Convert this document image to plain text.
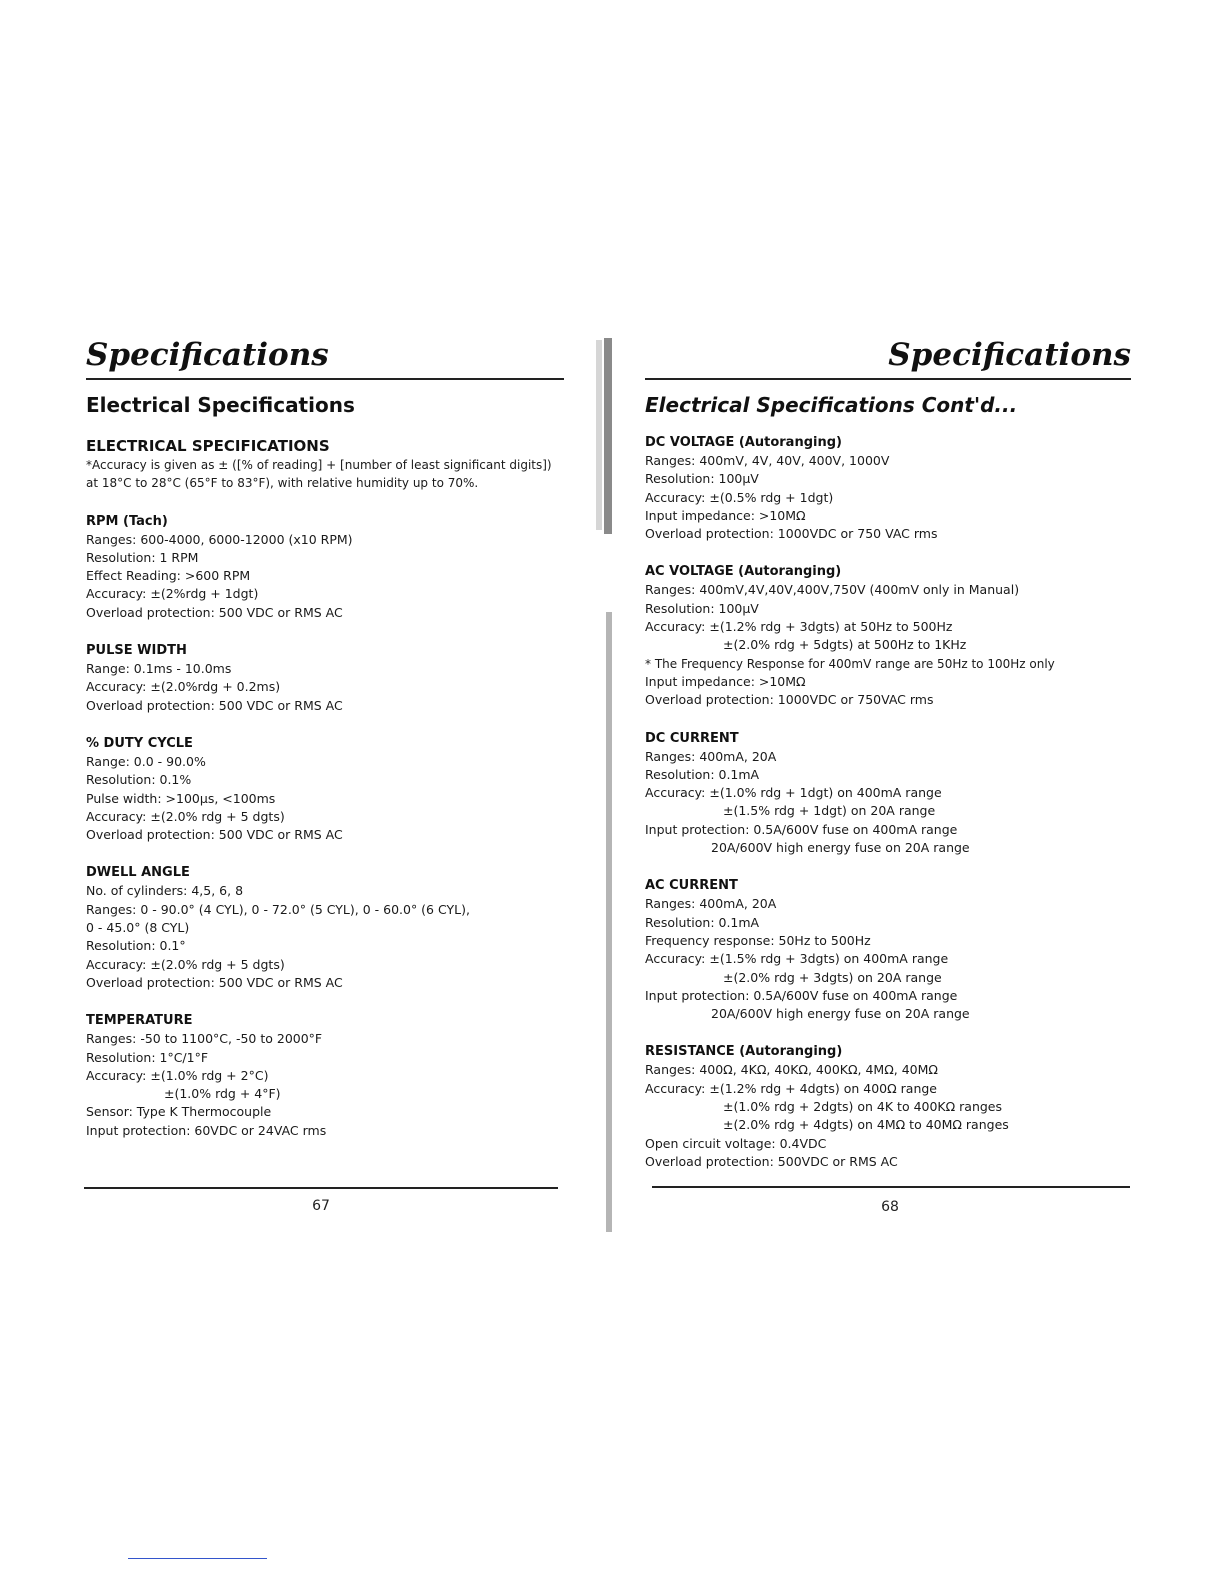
Specifications
Electrical Specifications
ELECTRICAL SPECIFICATIONS
*Accuracy is given as ± ([% of reading] + [number of least significant digits]) at 18°C to 28°C (65°F to 83°F), with relative humidity up to 70%.
RPM (Tach)
Ranges: 600-4000, 6000-12000 (x10 RPM)
Resolution: 1 RPM
Effect Reading: >600 RPM
Accuracy: ±(2%rdg + 1dgt)
Overload protection: 500 VDC or RMS AC
PULSE WIDTH
Range: 0.1ms - 10.0ms
Accuracy: ±(2.0%rdg + 0.2ms)
Overload protection: 500 VDC or RMS AC
% DUTY CYCLE
Range: 0.0 - 90.0%
Resolution: 0.1%
Pulse width: >100µs, <100ms
Accuracy: ±(2.0% rdg + 5 dgts)
Overload protection: 500 VDC or RMS AC
DWELL ANGLE
No. of cylinders: 4,5, 6, 8
Ranges: 0 - 90.0° (4 CYL), 0 - 72.0° (5 CYL), 0 - 60.0° (6 CYL),
0 - 45.0° (8 CYL)
Resolution: 0.1°
Accuracy: ±(2.0% rdg + 5 dgts)
Overload protection: 500 VDC or RMS AC
TEMPERATURE
Ranges: -50 to 1100°C, -50 to 2000°F
Resolution: 1°C/1°F
Accuracy: ±(1.0% rdg + 2°C)
±(1.0% rdg + 4°F)
Sensor: Type K Thermocouple
Input protection: 60VDC or 24VAC rms
67
Specifications
Electrical Specifications Cont'd...
DC VOLTAGE (Autoranging)
Ranges: 400mV, 4V, 40V, 400V, 1000V
Resolution: 100µV
Accuracy: ±(0.5% rdg + 1dgt)
Input impedance: >10MΩ
Overload protection: 1000VDC or 750 VAC rms
AC VOLTAGE (Autoranging)
Ranges: 400mV,4V,40V,400V,750V (400mV only in Manual)
Resolution: 100µV
Accuracy: ±(1.2% rdg + 3dgts) at 50Hz to 500Hz
±(2.0% rdg + 5dgts) at 500Hz to 1KHz
* The Frequency Response for 400mV range are 50Hz to 100Hz only
Input impedance: >10MΩ
Overload protection: 1000VDC or 750VAC rms
DC CURRENT
Ranges: 400mA, 20A
Resolution: 0.1mA
Accuracy: ±(1.0% rdg + 1dgt) on 400mA range
±(1.5% rdg + 1dgt) on 20A range
Input protection: 0.5A/600V fuse on 400mA range
20A/600V high energy fuse on 20A range
AC CURRENT
Ranges: 400mA, 20A
Resolution: 0.1mA
Frequency response: 50Hz to 500Hz
Accuracy: ±(1.5% rdg + 3dgts) on 400mA range
±(2.0% rdg + 3dgts) on 20A range
Input protection: 0.5A/600V fuse on 400mA range
20A/600V high energy fuse on 20A range
RESISTANCE (Autoranging)
Ranges: 400Ω, 4KΩ, 40KΩ, 400KΩ, 4MΩ, 40MΩ
Accuracy: ±(1.2% rdg + 4dgts) on 400Ω range
±(1.0% rdg + 2dgts) on 4K to 400KΩ ranges
±(2.0% rdg + 4dgts) on 4MΩ to 40MΩ ranges
Open circuit voltage: 0.4VDC
Overload protection: 500VDC or RMS AC
68
